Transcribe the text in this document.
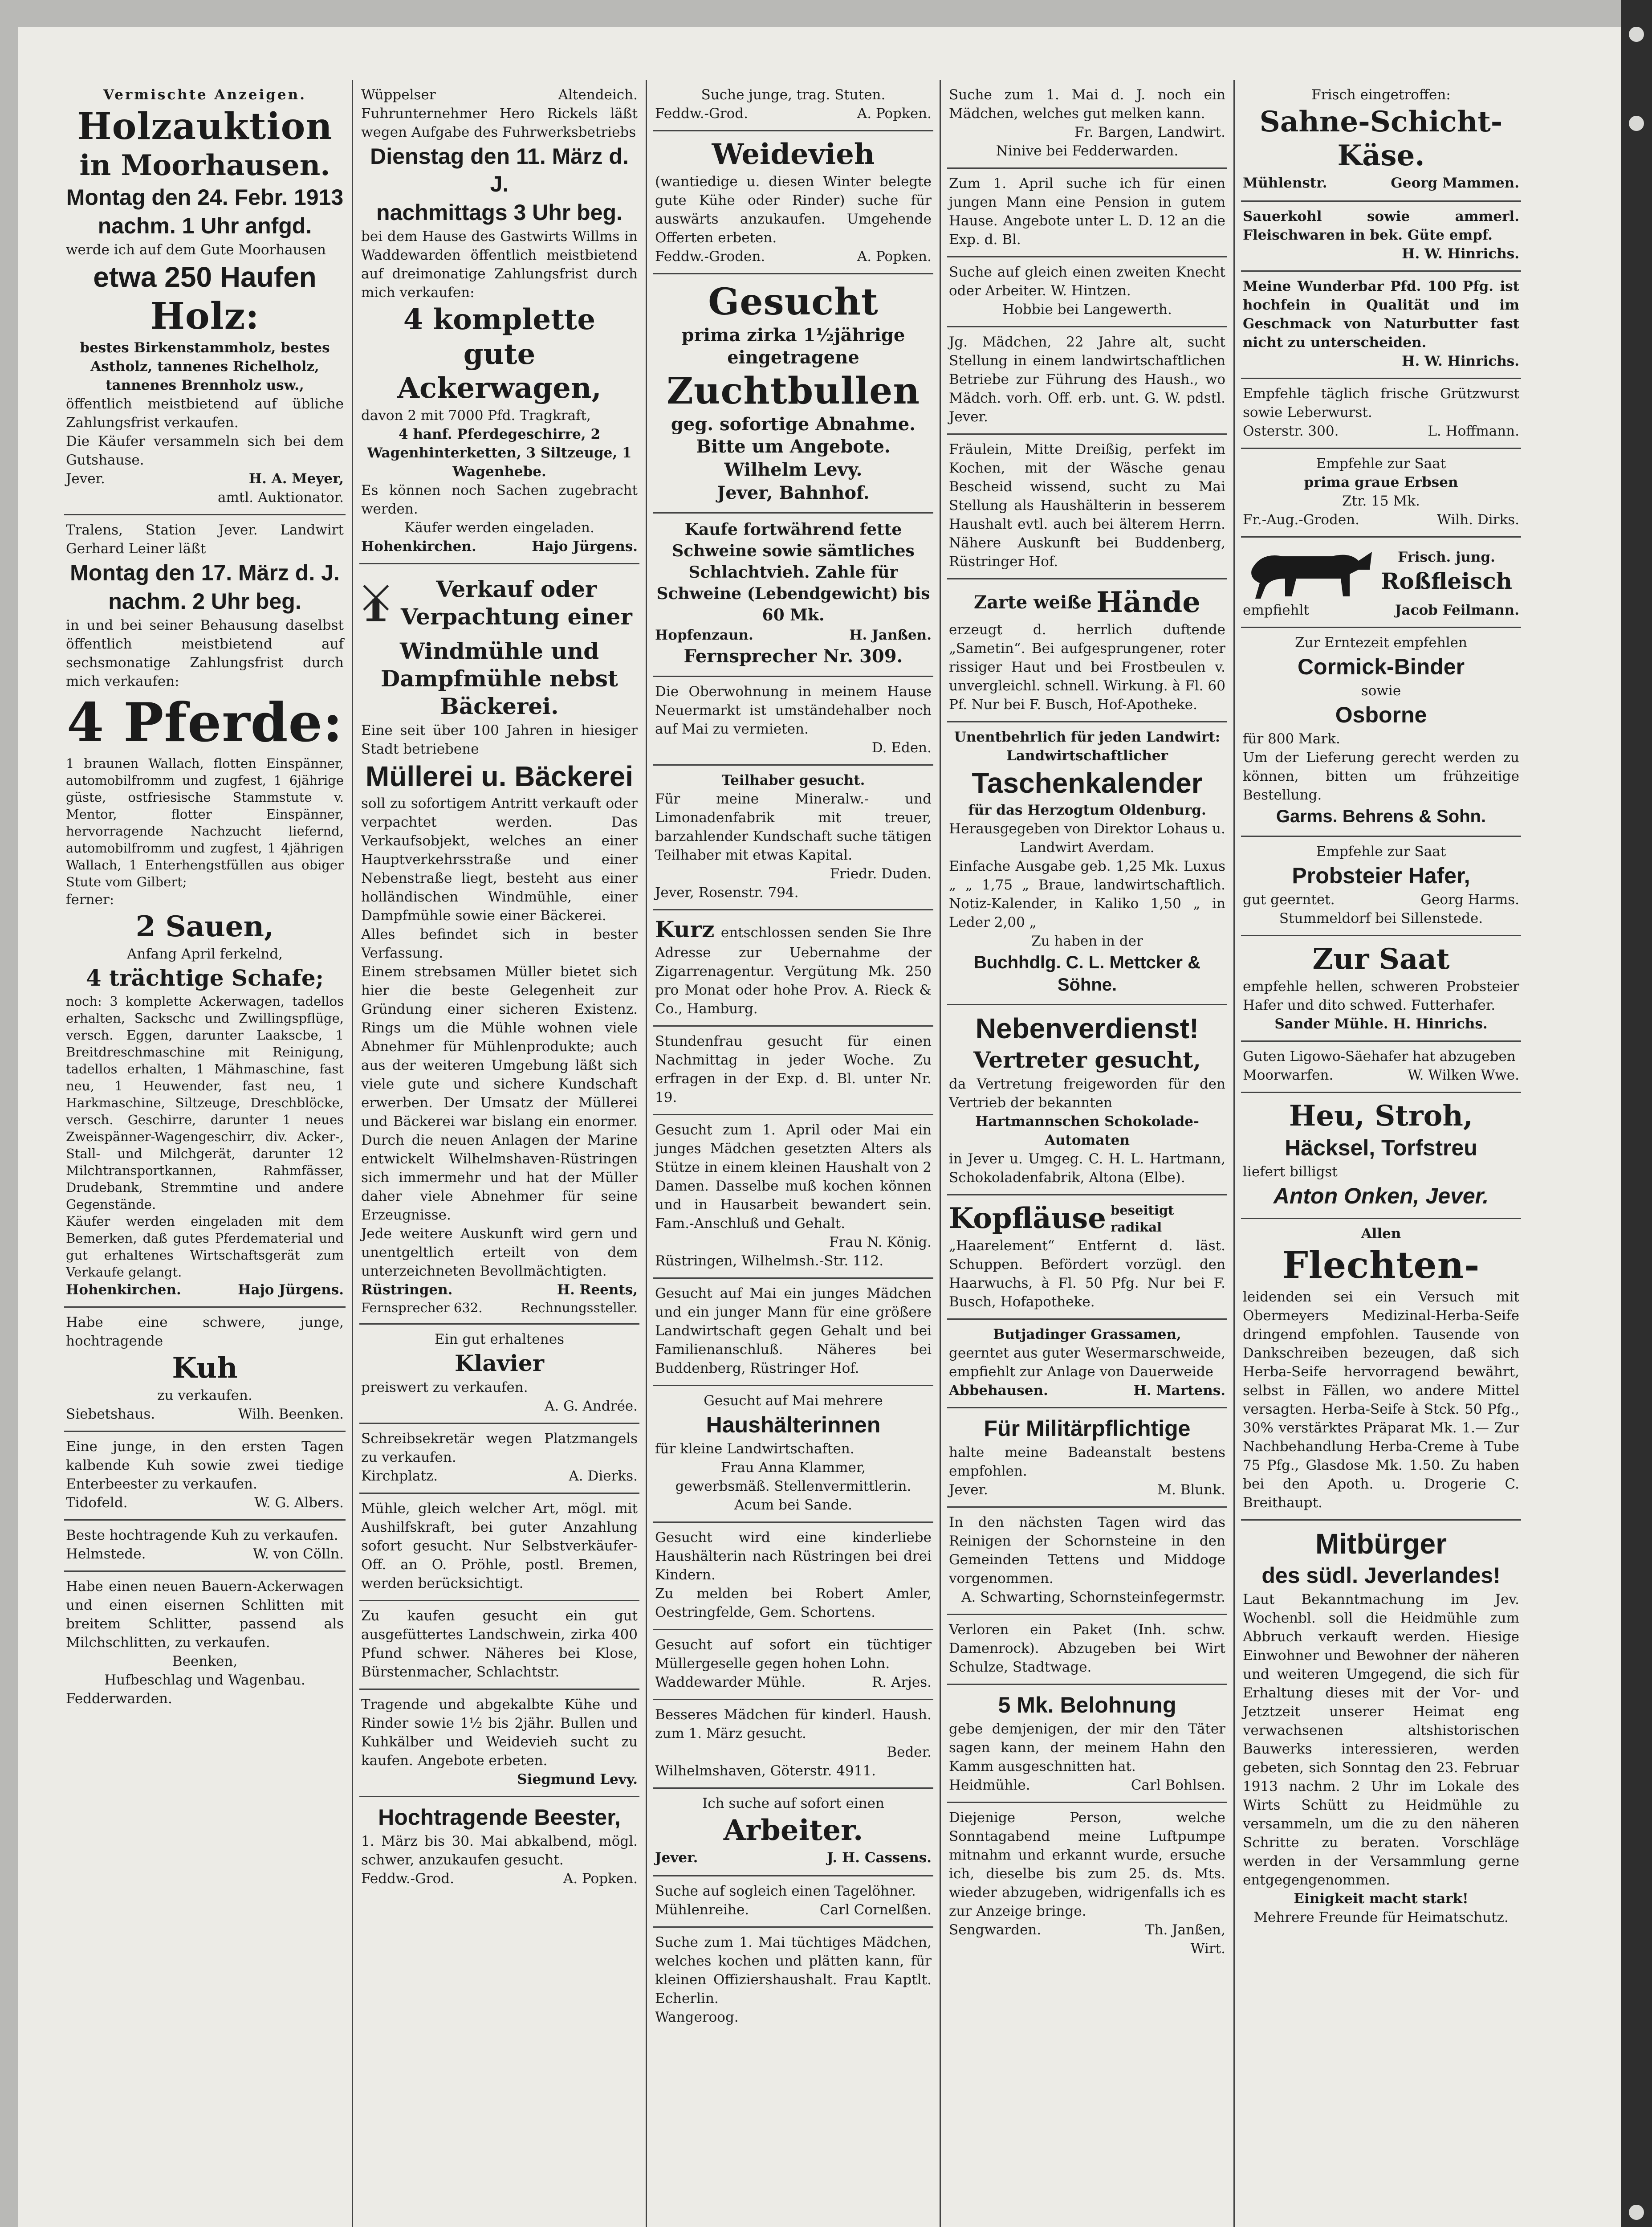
Vermischte Anzeigen.

Holzauktion
in Moorhausen.
Montag den 24. Febr. 1913
nachm. 1 Uhr anfgd.

werde ich auf dem Gute Moorhausen

etwa 250 Haufen
Holz:

bestes Birkenstammholz, bestes Astholz, tannenes Richelholz, tannenes Brennholz usw.,

öffentlich meistbietend auf übliche Zahlungsfrist verkaufen.

Die Käufer versammeln sich bei dem Gutshause.

Jever.	H. A. Meyer,
amtl. Auktionator.

Tralens, Station Jever. Landwirt Gerhard Leiner läßt

Montag den 17. März d. J.
nachm. 2 Uhr beg.

in und bei seiner Behausung daselbst öffentlich meistbietend auf sechsmonatige Zahlungsfrist durch mich verkaufen:

4 Pferde:

1 braunen Wallach, flotten Einspänner, automobilfromm und zugfest, 1 6jährige güste, ostfriesische Stammstute v. Mentor, flotter Einspänner, hervorragende Nachzucht liefernd, automobilfromm und zugfest, 1 4jährigen Wallach, 1 Enterhengstfüllen aus obiger Stute vom Gilbert;

ferner:

2 Sauen,

Anfang April ferkelnd,

4 trächtige Schafe;

noch: 3 komplette Ackerwagen, tadellos erhalten, Sackschc und Zwillingspflüge, versch. Eggen, darunter Laakscbe, 1 Breitdreschmaschine mit Reinigung, tadellos erhalten, 1 Mähmaschine, fast neu, 1 Heuwender, fast neu, 1 Harkmaschine, Siltzeuge, Dreschblöcke, versch. Geschirre, darunter 1 neues Zweispänner-Wagengeschirr, div. Acker-, Stall- und Milchgerät, darunter 12 Milchtransportkannen, Rahmfässer, Drudebank, Stremmtine und andere Gegenstände.

Käufer werden eingeladen mit dem Bemerken, daß gutes Pferdematerial und gut erhaltenes Wirtschaftsgerät zum Verkaufe gelangt.

Hohenkirchen.	Hajo Jürgens.

Habe eine schwere, junge, hochtragende

Kuh

zu verkaufen.

Siebetshaus.	Wilh. Beenken.

Eine junge, in den ersten Tagen kalbende Kuh sowie zwei tiedige Enterbeester zu verkaufen.

Tidofeld.	W. G. Albers.

Beste hochtragende Kuh zu verkaufen.

Helmstede.	W. von Cölln.

Habe einen neuen Bauern-Ackerwagen und einen eisernen Schlitten mit breitem Schlitter, passend als Milchschlitten, zu verkaufen.

Beenken,

Hufbeschlag und Wagenbau.

Fedderwarden.

Wüppelser Altendeich. Fuhrunternehmer Hero Rickels läßt wegen Aufgabe des Fuhrwerksbetriebs

Dienstag den 11. März d. J.
nachmittags 3 Uhr beg.

bei dem Hause des Gastwirts Willms in Waddewarden öffentlich meistbietend auf dreimonatige Zahlungsfrist durch mich verkaufen:

4 komplette
gute Ackerwagen,

davon 2 mit 7000 Pfd. Tragkraft,

4 hanf. Pferdegeschirre, 2 Wagenhinterketten, 3 Siltzeuge, 1 Wagenhebe.

Es können noch Sachen zugebracht werden.

Käufer werden eingeladen.

Hohenkirchen.	Hajo Jürgens.
Verkauf oder Verpachtung einer
Windmühle und Dampfmühle nebst Bäckerei.

Eine seit über 100 Jahren in hiesiger Stadt betriebene

Müllerei u. Bäckerei

soll zu sofortigem Antritt verkauft oder verpachtet werden. Das Verkaufsobjekt, welches an einer Hauptverkehrsstraße und einer Nebenstraße liegt, besteht aus einer holländischen Windmühle, einer Dampfmühle sowie einer Bäckerei.

Alles befindet sich in bester Verfassung.

Einem strebsamen Müller bietet sich hier die beste Gelegenheit zur Gründung einer sicheren Existenz. Rings um die Mühle wohnen viele Abnehmer für Mühlenprodukte; auch aus der weiteren Umgebung läßt sich viele gute und sichere Kundschaft erwerben. Der Umsatz der Müllerei und Bäckerei war bislang ein enormer. Durch die neuen Anlagen der Marine entwickelt Wilhelmshaven-Rüstringen sich immermehr und hat der Müller daher viele Abnehmer für seine Erzeugnisse.

Jede weitere Auskunft wird gern und unentgeltlich erteilt von dem unterzeichneten Bevollmächtigten.

Rüstringen.	H. Reents,
Fernsprecher 632.	Rechnungssteller.

Ein gut erhaltenes

Klavier

preiswert zu verkaufen.

A. G. Andrée.

Schreibsekretär wegen Platzmangels zu verkaufen.

Kirchplatz.	A. Dierks.

Mühle, gleich welcher Art, mögl. mit Aushilfskraft, bei guter Anzahlung sofort gesucht. Nur Selbstverkäufer-Off. an O. Pröhle, postl. Bremen, werden berücksichtigt.

Zu kaufen gesucht ein gut ausgefüttertes Landschwein, zirka 400 Pfund schwer. Näheres bei Klose, Bürstenmacher, Schlachtstr.

Tragende und abgekalbte Kühe und Rinder sowie 1½ bis 2jähr. Bullen und Kuhkälber und Weidevieh sucht zu kaufen. Angebote erbeten.

Siegmund Levy.
Hochtragende Beester,

1. März bis 30. Mai abkalbend, mögl. schwer, anzukaufen gesucht.

Feddw.-Grod.	A. Popken.

Suche junge, trag. Stuten.

Feddw.-Grod.	A. Popken.
Weidevieh

(wantiedige u. diesen Winter belegte gute Kühe oder Rinder) suche für auswärts anzukaufen. Umgehende Offerten erbeten.

Feddw.-Groden.	A. Popken.
Gesucht
prima zirka 1½jährige eingetragene
Zuchtbullen
geg. sofortige Abnahme. Bitte um Angebote.
Wilhelm Levy.
Jever, Bahnhof.

Kaufe fortwährend fette Schweine sowie sämtliches Schlachtvieh. Zahle für Schweine (Lebendgewicht) bis 60 Mk.

Hopfenzaun.	H. Janßen.
Fernsprecher Nr. 309.

Die Oberwohnung in meinem Hause Neuermarkt ist umständehalber noch auf Mai zu vermieten.

D. Eden.

Teilhaber gesucht.

Für meine Mineralw.- und Limonadenfabrik mit treuer, barzahlender Kundschaft suche tätigen Teilhaber mit etwas Kapital.

Friedr. Duden.

Jever, Rosenstr. 794.

Kurz entschlossen senden Sie Ihre Adresse zur Uebernahme der Zigarrenagentur. Vergütung Mk. 250 pro Monat oder hohe Prov. A. Rieck & Co., Hamburg.

Stundenfrau gesucht für einen Nachmittag in jeder Woche. Zu erfragen in der Exp. d. Bl. unter Nr. 19.

Gesucht zum 1. April oder Mai ein junges Mädchen gesetzten Alters als Stütze in einem kleinen Haushalt von 2 Damen. Dasselbe muß kochen können und in Hausarbeit bewandert sein. Fam.-Anschluß und Gehalt.

Frau N. König.

Rüstringen, Wilhelmsh.-Str. 112.

Gesucht auf Mai ein junges Mädchen und ein junger Mann für eine größere Landwirtschaft gegen Gehalt und bei Familienanschluß. Näheres bei Buddenberg, Rüstringer Hof.

Gesucht auf Mai mehrere

Haushälterinnen

für kleine Landwirtschaften.

Frau Anna Klammer,

gewerbsmäß. Stellenvermittlerin.

Acum bei Sande.

Gesucht wird eine kinderliebe Haushälterin nach Rüstringen bei drei Kindern.

Zu melden bei Robert Amler, Oestringfelde, Gem. Schortens.

Gesucht auf sofort ein tüchtiger Müllergeselle gegen hohen Lohn.

Waddewarder Mühle.	R. Arjes.

Besseres Mädchen für kinderl. Haush. zum 1. März gesucht.

Beder.

Wilhelmshaven, Göterstr. 4911.

Ich suche auf sofort einen

Arbeiter.
Jever.	J. H. Cassens.

Suche auf sogleich einen Tagelöhner.

Mühlenreihe.	Carl Cornelßen.

Suche zum 1. Mai tüchtiges Mädchen, welches kochen und plätten kann, für kleinen Offiziershaushalt. Frau Kaptlt. Echerlin.

Wangeroog.

Suche zum 1. Mai d. J. noch ein Mädchen, welches gut melken kann.

Fr. Bargen, Landwirt.

Ninive bei Fedderwarden.

Zum 1. April suche ich für einen jungen Mann eine Pension in gutem Hause. Angebote unter L. D. 12 an die Exp. d. Bl.

Suche auf gleich einen zweiten Knecht oder Arbeiter. W. Hintzen.

Hobbie bei Langewerth.

Jg. Mädchen, 22 Jahre alt, sucht Stellung in einem landwirtschaftlichen Betriebe zur Führung des Haush., wo Mädch. vorh. Off. erb. unt. G. W. pdstl. Jever.

Fräulein, Mitte Dreißig, perfekt im Kochen, mit der Wäsche genau Bescheid wissend, sucht zu Mai Stellung als Haushälterin in besserem Haushalt evtl. auch bei älterem Herrn. Nähere Auskunft bei Buddenberg, Rüstringer Hof.

Zarte weiße Hände

erzeugt d. herrlich duftende „Sametin“. Bei aufgesprungener, roter rissiger Haut und bei Frostbeulen v. unvergleichl. schnell. Wirkung. à Fl. 60 Pf. Nur bei F. Busch, Hof-Apotheke.

Unentbehrlich für jeden Landwirt:

Landwirtschaftlicher

Taschenkalender

für das Herzogtum Oldenburg.

Herausgegeben von Direktor Lohaus u. Landwirt Averdam.

Einfache Ausgabe geb. 1,25 Mk. Luxus „ „ 1,75 „ Braue, landwirtschaftlich. Notiz-Kalender, in Kaliko 1,50 „ in Leder 2,00 „

Zu haben in der

Buchhdlg. C. L. Mettcker & Söhne.
Nebenverdienst!
Vertreter gesucht,

da Vertretung freigeworden für den Vertrieb der bekannten

Hartmannschen Schokolade-Automaten

in Jever u. Umgeg. C. H. L. Hartmann, Schokoladenfabrik, Altona (Elbe).

Kopfläuse beseitigt radikal

„Haarelement“ Entfernt d. läst. Schuppen. Befördert vorzügl. den Haarwuchs, à Fl. 50 Pfg. Nur bei F. Busch, Hofapotheke.

Butjadinger Grassamen,

geerntet aus guter Wesermarschweide, empfiehlt zur Anlage von Dauerweide

Abbehausen.	H. Martens.
Für Militärpflichtige

halte meine Badeanstalt bestens empfohlen.

Jever.	M. Blunk.

In den nächsten Tagen wird das Reinigen der Schornsteine in den Gemeinden Tettens und Middoge vorgenommen.

A. Schwarting, Schornsteinfegermstr.

Verloren ein Paket (Inh. schw. Damenrock). Abzugeben bei Wirt Schulze, Stadtwage.

5 Mk. Belohnung

gebe demjenigen, der mir den Täter sagen kann, der meinem Hahn den Kamm ausgeschnitten hat.

Heidmühle.	Carl Bohlsen.

Diejenige Person, welche Sonntagabend meine Luftpumpe mitnahm und erkannt wurde, ersuche ich, dieselbe bis zum 25. ds. Mts. wieder abzugeben, widrigenfalls ich es zur Anzeige bringe.

Sengwarden.	Th. Janßen,
Wirt.

Frisch eingetroffen:

Sahne-Schicht-Käse.
Mühlenstr.	Georg Mammen.

Sauerkohl sowie ammerl. Fleischwaren in bek. Güte empf.

H. W. Hinrichs.

Meine Wunderbar Pfd. 100 Pfg. ist hochfein in Qualität und im Geschmack von Naturbutter fast nicht zu unterscheiden.

H. W. Hinrichs.

Empfehle täglich frische Grützwurst sowie Leberwurst.

Osterstr. 300.	L. Hoffmann.

Empfehle zur Saat

prima graue Erbsen

Ztr. 15 Mk.

Fr.-Aug.-Groden.	Wilh. Dirks.

Frisch. jung.

Roßfleisch
empfiehlt	Jacob Feilmann.

Zur Erntezeit empfehlen

Cormick-Binder

sowie

Osborne

für 800 Mark.

Um der Lieferung gerecht werden zu können, bitten um frühzeitige Bestellung.

Garms. Behrens & Sohn.

Empfehle zur Saat

Probsteier Hafer,
gut geerntet.	Georg Harms.

Stummeldorf bei Sillenstede.

Zur Saat

empfehle hellen, schweren Probsteier Hafer und dito schwed. Futterhafer.

Sander Mühle. H. Hinrichs.

Guten Ligowo-Säehafer hat abzugeben

Moorwarfen.	W. Wilken Wwe.
Heu, Stroh,
Häcksel, Torfstreu

liefert billigst

Anton Onken, Jever.

Allen

Flechten-

leidenden sei ein Versuch mit Obermeyers Medizinal-Herba-Seife dringend empfohlen. Tausende von Dankschreiben bezeugen, daß sich Herba-Seife hervorragend bewährt, selbst in Fällen, wo andere Mittel versagten. Herba-Seife à Stck. 50 Pfg., 30% verstärktes Präparat Mk. 1.— Zur Nachbehandlung Herba-Creme à Tube 75 Pfg., Glasdose Mk. 1.50. Zu haben bei den Apoth. u. Drogerie C. Breithaupt.

Mitbürger
des südl. Jeverlandes!

Laut Bekanntmachung im Jev. Wochenbl. soll die Heidmühle zum Abbruch verkauft werden. Hiesige Einwohner und Bewohner der näheren und weiteren Umgegend, die sich für Erhaltung dieses mit der Vor- und Jetztzeit unserer Heimat eng verwachsenen altshistorischen Bauwerks interessieren, werden gebeten, sich Sonntag den 23. Februar 1913 nachm. 2 Uhr im Lokale des Wirts Schütt zu Heidmühle zu versammeln, um die zu den näheren Schritte zu beraten. Vorschläge werden in der Versammlung gerne entgegengenommen.

Einigkeit macht stark!

Mehrere Freunde für Heimatschutz.
